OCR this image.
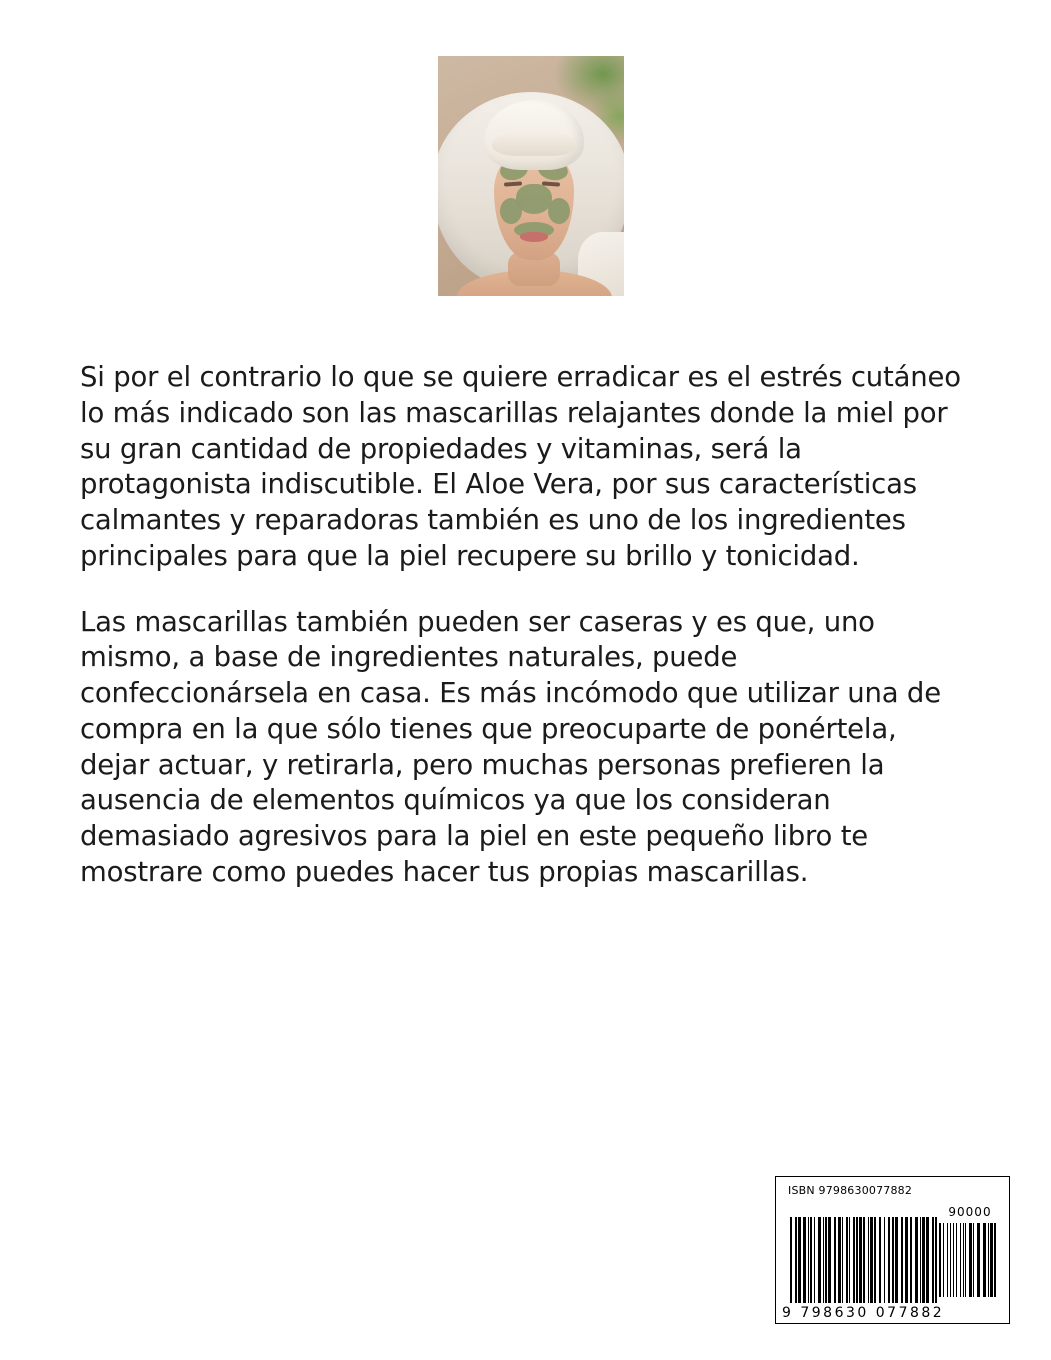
Si por el contrario lo que se quiere erradicar es el estrés cutáneo lo más indicado son las mascarillas relajantes donde la miel por su gran cantidad de propiedades y vitaminas, será la protagonista indiscutible. El Aloe Vera, por sus características calmantes y reparadoras también es uno de los ingredientes principales para que la piel recupere su brillo y tonicidad.

Las mascarillas también pueden ser caseras y es que, uno mismo, a base de ingredientes naturales, puede confeccionársela en casa. Es más incómodo que utilizar una de compra en la que sólo tienes que preocuparte de ponértela, dejar actuar, y retirarla, pero muchas personas prefieren la ausencia de elementos químicos ya que los consideran demasiado agresivos para la piel en este pequeño libro te mostrare como puedes hacer tus propias mascarillas.

ISBN 9798630077882
90000
9 798630 077882
